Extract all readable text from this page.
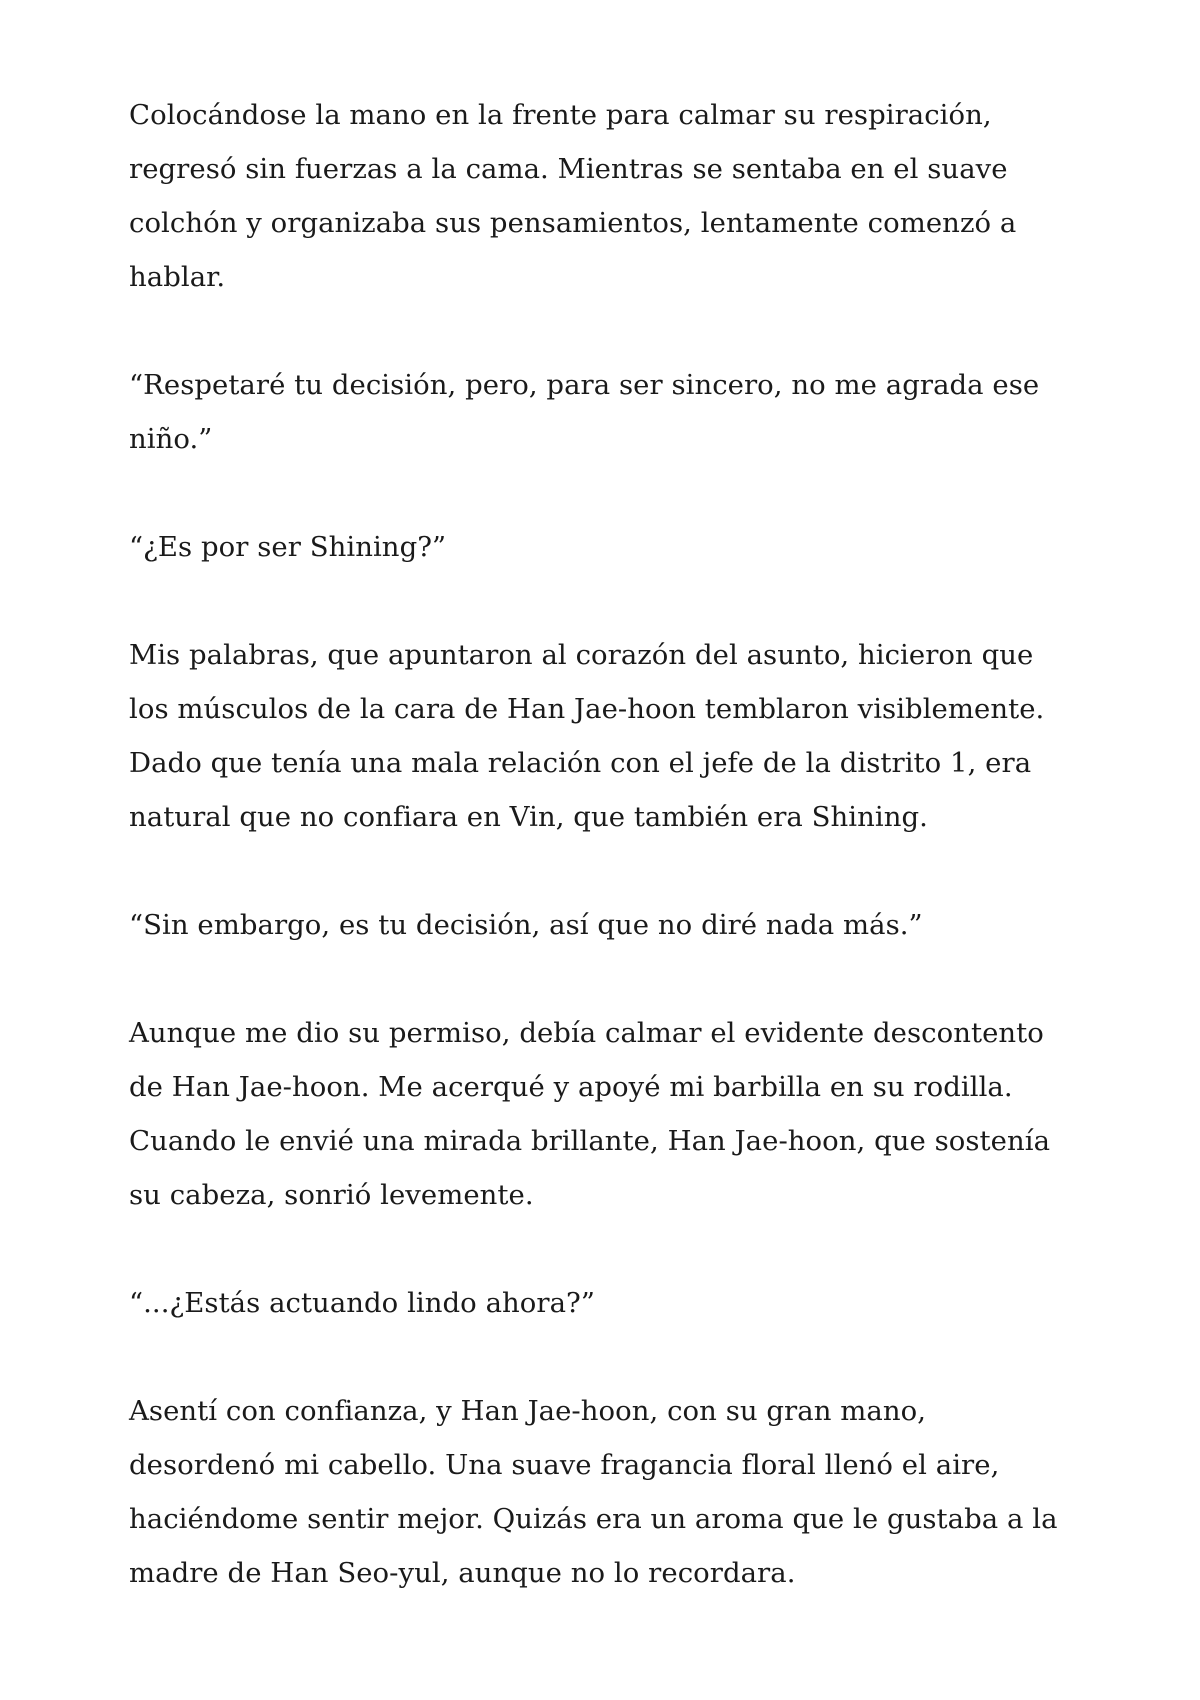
Colocándose la mano en la frente para calmar su respiración, regresó sin fuerzas a la cama. Mientras se sentaba en el suave colchón y organizaba sus pensamientos, lentamente comenzó a hablar.

“Respetaré tu decisión, pero, para ser sincero, no me agrada ese niño.”

“¿Es por ser Shining?”

Mis palabras, que apuntaron al corazón del asunto, hicieron que los músculos de la cara de Han Jae-hoon temblaron visiblemente. Dado que tenía una mala relación con el jefe de la distrito 1, era natural que no confiara en Vin, que también era Shining.

“Sin embargo, es tu decisión, así que no diré nada más.”

Aunque me dio su permiso, debía calmar el evidente descontento de Han Jae-hoon. Me acerqué y apoyé mi barbilla en su rodilla. Cuando le envié una mirada brillante, Han Jae-hoon, que sostenía su cabeza, sonrió levemente.

“...¿Estás actuando lindo ahora?”

Asentí con confianza, y Han Jae-hoon, con su gran mano, desordenó mi cabello. Una suave fragancia floral llenó el aire, haciéndome sentir mejor. Quizás era un aroma que le gustaba a la madre de Han Seo-yul, aunque no lo recordara.
